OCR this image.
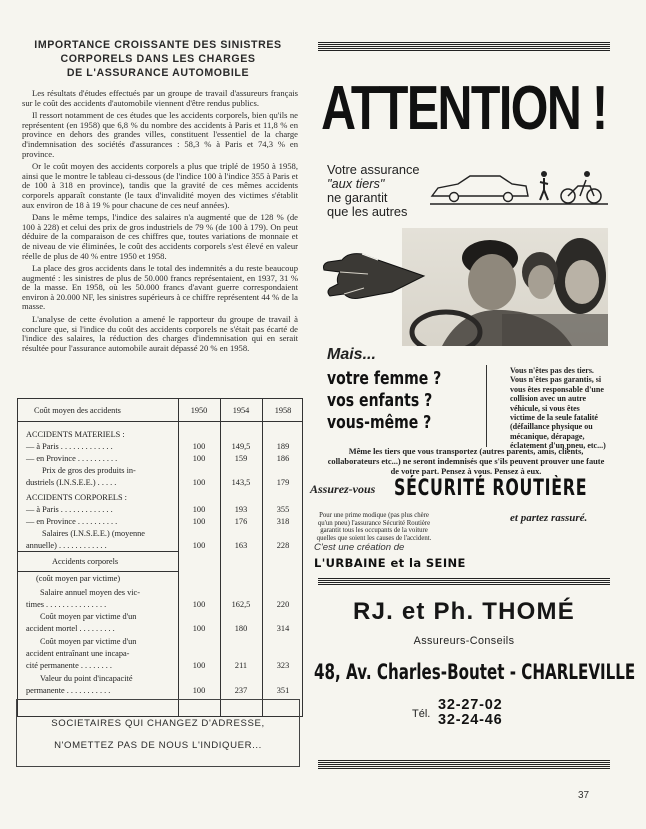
IMPORTANCE CROISSANTE DES SINISTRES
CORPORELS DANS LES CHARGES
DE L'ASSURANCE AUTOMOBILE

Les résultats d'études effectués par un groupe de travail d'assureurs français sur le coût des accidents d'automobile viennent d'être rendus publics.

Il ressort notamment de ces études que les accidents corporels, bien qu'ils ne représentent (en 1958) que 6,8 % du nombre des accidents à Paris et 11,8 % en province en dehors des grandes villes, constituent l'essentiel de la charge d'indemnisation des sociétés d'assurances : 58,3 % à Paris et 74,3 % en province.

Or le coût moyen des accidents corporels a plus que triplé de 1950 à 1958, ainsi que le montre le tableau ci-dessous (de l'indice 100 à l'indice 355 à Paris et de 100 à 318 en province), tandis que la gravité de ces mêmes accidents corporels apparaît constante (le taux d'invalidité moyen des victimes s'établit aux environ de 18 à 19 % pour chacune de ces neuf années).

Dans le même temps, l'indice des salaires n'a augmenté que de 128 % (de 100 à 228) et celui des prix de gros industriels de 79 % (de 100 à 179). On peut déduire de la comparaison de ces chiffres que, toutes variations de monnaie et de niveau de vie éliminées, le coût des accidents corporels s'est élevé en valeur réelle de plus de 40 % entre 1950 et 1958.

La place des gros accidents dans le total des indemnités a du reste beaucoup augmenté : les sinistres de plus de 50.000 francs représentaient, en 1937, 31 % de la masse. En 1958, où les 50.000 francs d'avant guerre correspondaient environ à 20.000 NF, les sinistres supérieurs à ce chiffre représentent 44 % de la masse.

L'analyse de cette évolution a amené le rapporteur du groupe de travail à conclure que, si l'indice du coût des accidents corporels ne s'était pas écarté de l'indice des salaires, la réduction des charges d'indemnisation qui en serait résultée pour l'assurance automobile aurait dépassé 20 % en 1958.

Coût moyen des accidents	1950	1954	1958
ACCIDENTS MATERIELS :
— à Paris . . . . . . . . . . . . .	100	149,5	189
— en Province . . . . . . . . . .	100	159	186
Prix de gros des produits in-
dustriels (I.N.S.E.E.) . . . . .	100	143,5	179
ACCIDENTS CORPORELS :
— à Paris . . . . . . . . . . . . .	100	193	355
— en Province . . . . . . . . . .	100	176	318
Salaires (I.N.S.E.E.) (moyenne
annuelle) . . . . . . . . . . . .	100	163	228
Accidents corporels
(coût moyen par victime)
Salaire annuel moyen des vic-
times . . . . . . . . . . . . . . .	100	162,5	220
Coût moyen par victime d'un
accident mortel . . . . . . . . .	100	180	314
Coût moyen par victime d'un
accident entraînant une incapa-
cité permanente . . . . . . . .	100	211	323
Valeur du point d'incapacité
permanente . . . . . . . . . . .	100	237	351
SOCIETAIRES QUI CHANGEZ D'ADRESSE,
N'OMETTEZ PAS DE NOUS L'INDIQUER...
ATTENTION !
Votre assurance
"aux tiers"
ne garantit
que les autres
Mais...
votre femme ?
vos enfants ?
vous-même ?
Vous n'êtes pas des tiers. Vous n'êtes pas garantis, si vous êtes responsable d'une collision avec un autre véhicule, si vous êtes victime de la seule fatalité (défaillance physique ou mécanique, dérapage, éclatement d'un pneu, etc...)
Même les tiers que vous transportez (autres parents, amis, clients, collaborateurs etc...) ne seront indemnisés que s'ils peuvent prouver une faute de votre part. Pensez à vous. Pensez à eux.
Assurez-vous SÉCURITÉ ROUTIÈRE
Pour une prime modique (pas plus chère qu'un pneu) l'assurance Sécurité Routière garantit tous les occupants de la voiture quelles que soient les causes de l'accident.
et partez rassuré.
C'est une création de
L'URBAINE et la SEINE
RJ. et Ph. THOMÉ
Assureurs-Conseils
48, Av. Charles-Boutet - CHARLEVILLE
Tél.
32-27-02
32-24-46
37
